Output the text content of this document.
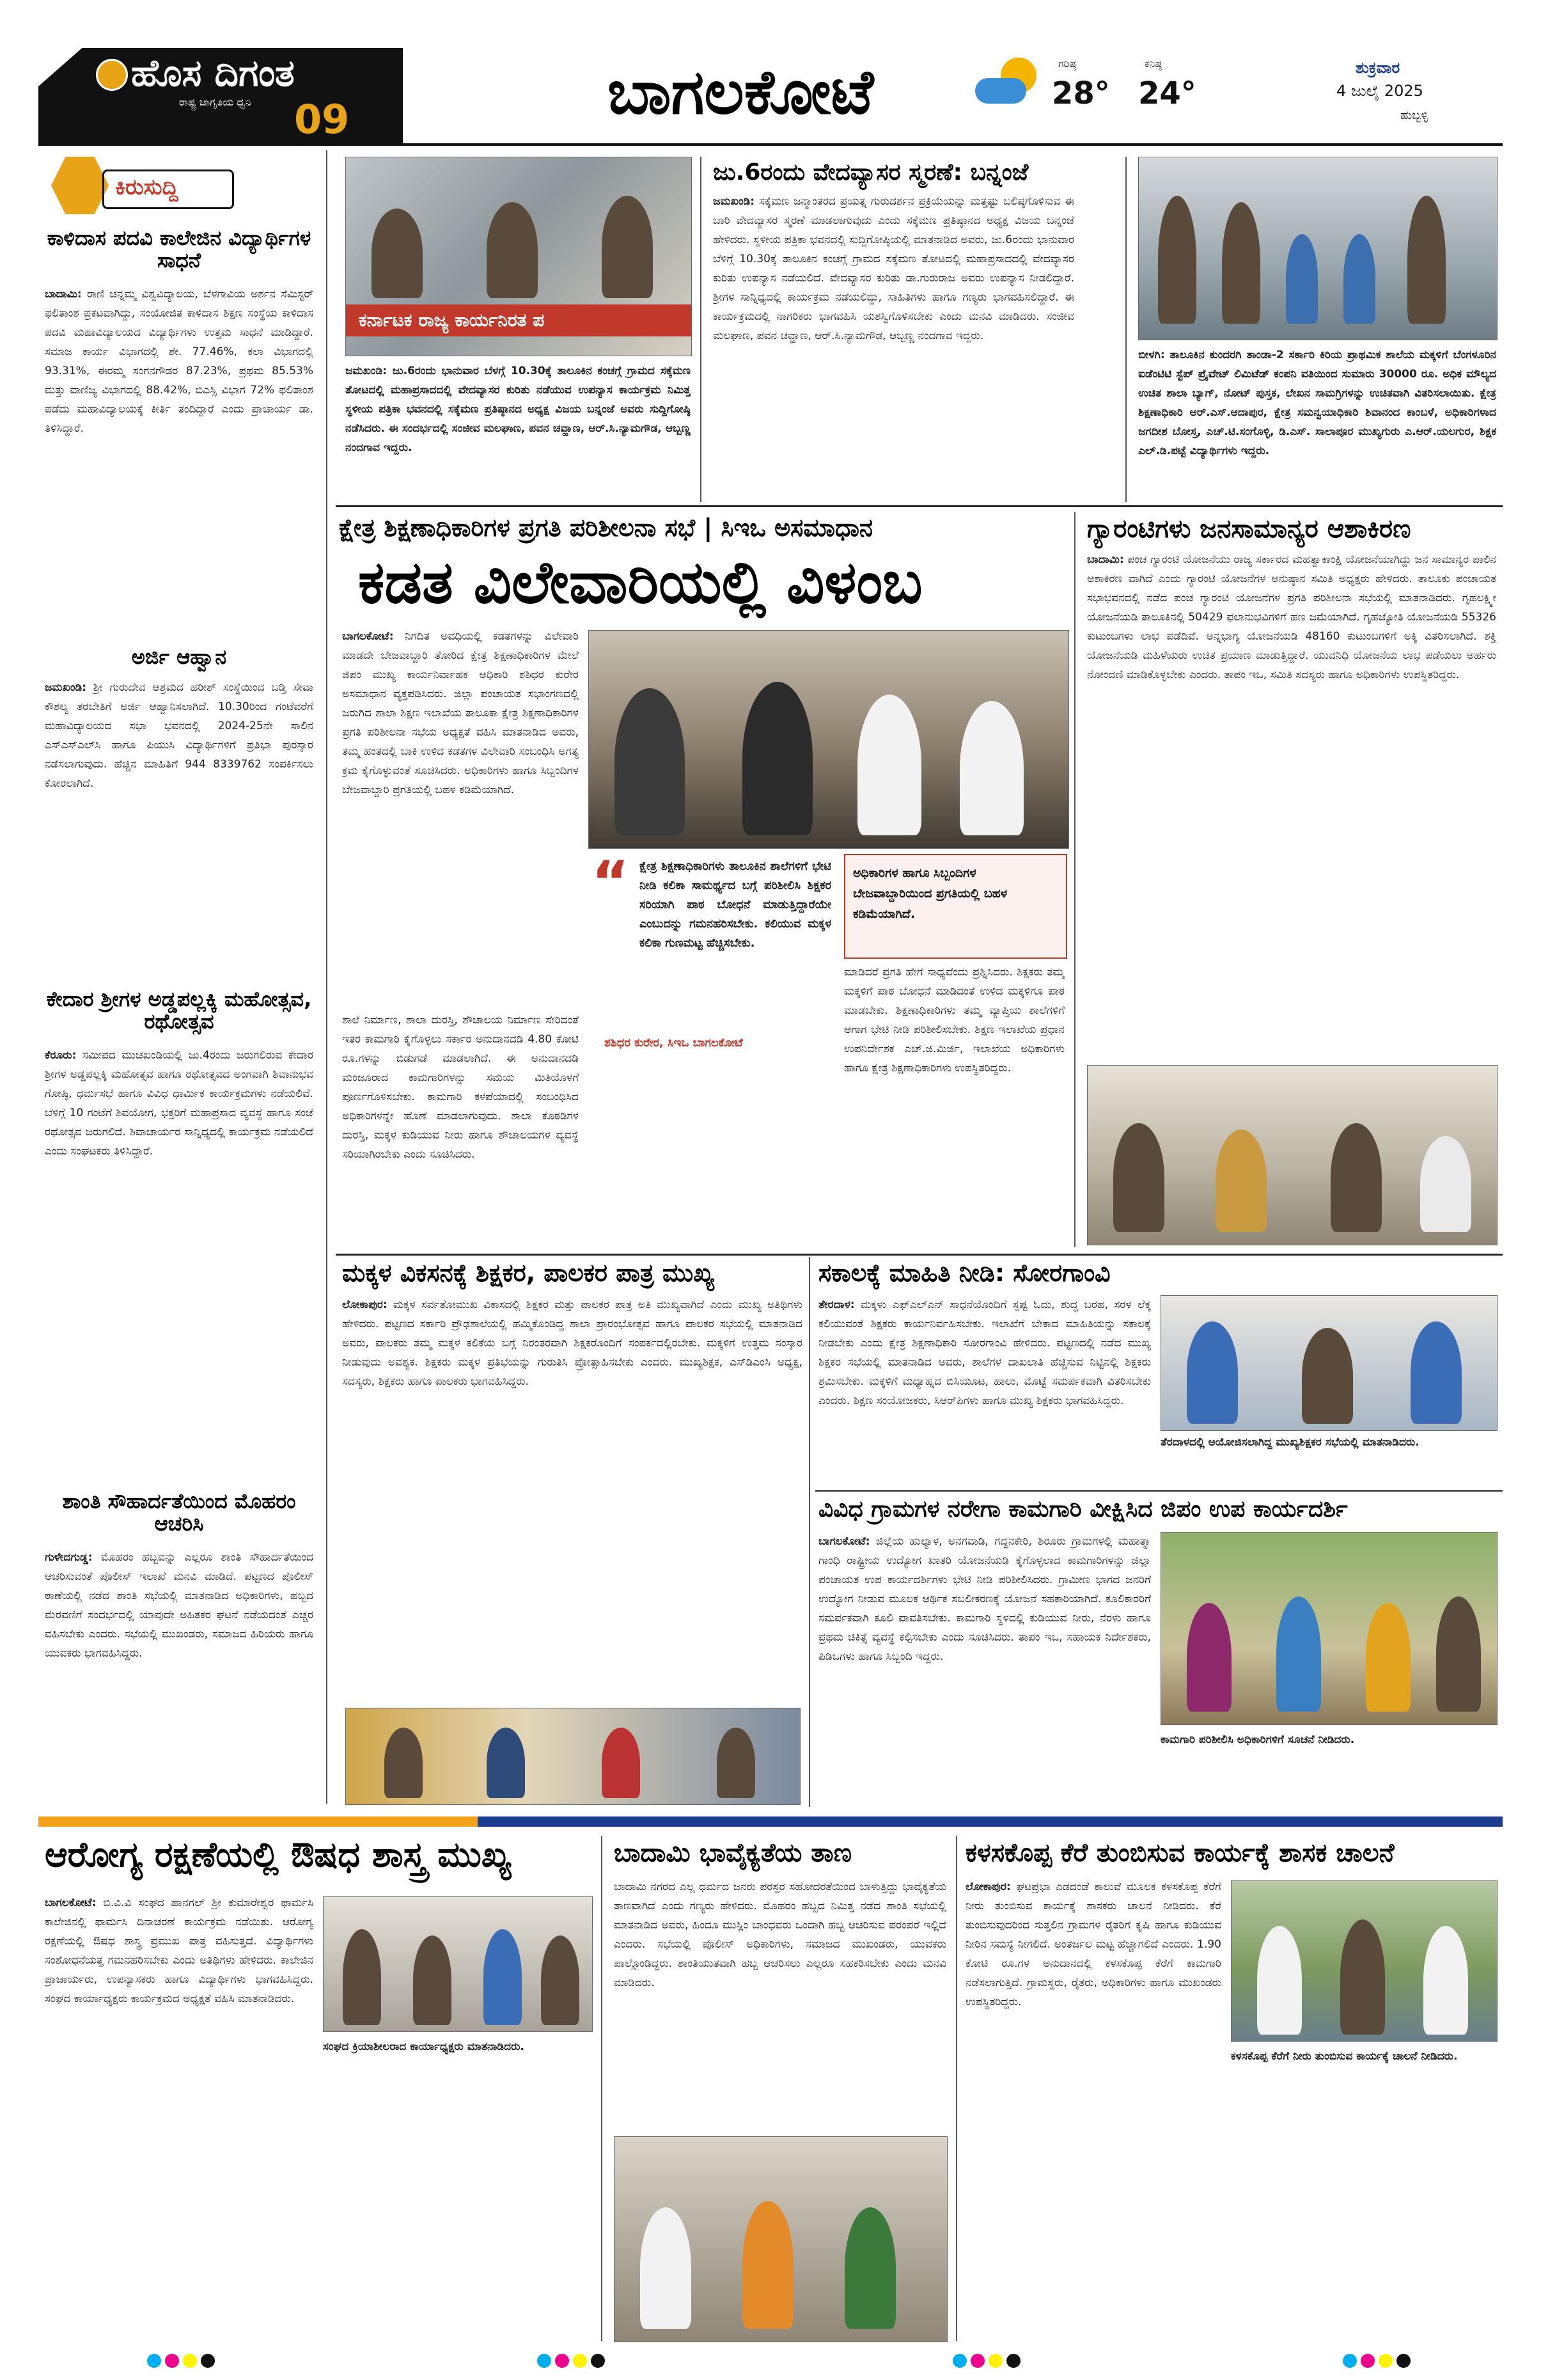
ಹೊಸ ದಿಗಂತ
ರಾಷ್ಟ್ರ ಜಾಗೃತಿಯ ಧ್ವನಿ 09	ಬಾಗಲಕೋಟೆ	ಗರಿಷ್ಠ
28°
ಕನಿಷ್ಠ
24°
ಶುಕ್ರವಾರ
4 ಜುಲೈ 2025
ಹುಬ್ಬಳ್ಳಿ
ಕಿರುಸುದ್ದಿ
ಕಾಳಿದಾಸ ಪದವಿ ಕಾಲೇಜಿನ ವಿದ್ಯಾರ್ಥಿಗಳ ಸಾಧನೆ
ಬಾದಾಮಿ: ರಾಣಿ ಚನ್ನಮ್ಮ ವಿಶ್ವವಿದ್ಯಾಲಯ, ಬೆಳಗಾವಿಯ ಅರ್ಶನ ಸೆಮಿಸ್ಟರ್ ಫಲಿತಾಂಶ ಪ್ರಕಟವಾಗಿದ್ದು, ಸಂಯೋಜಿತ ಕಾಳಿದಾಸ ಶಿಕ್ಷಣ ಸಂಸ್ಥೆಯ ಕಾಳಿದಾಸ ಪದವಿ ಮಹಾವಿದ್ಯಾಲಯದ ವಿದ್ಯಾರ್ಥಿಗಳು ಉತ್ತಮ ಸಾಧನೆ ಮಾಡಿದ್ದಾರೆ. ಸಮಾಜ ಕಾರ್ಯ ವಿಭಾಗದಲ್ಲಿ ಶೇ. 77.46%, ಕಲಾ ವಿಭಾಗದಲ್ಲಿ 93.31%, ಈರಮ್ಮ ಸಂಗನಗೌಡರ 87.23%, ಪ್ರಥಮ 85.53% ಮತ್ತು ವಾಣಿಜ್ಯ ವಿಭಾಗದಲ್ಲಿ 88.42%, ಬಿಎಸ್ಸಿ ವಿಭಾಗ 72% ಫಲಿತಾಂಶ ಪಡೆದು ಮಹಾವಿದ್ಯಾಲಯಕ್ಕೆ ಕೀರ್ತಿ ತಂದಿದ್ದಾರೆ ಎಂದು ಪ್ರಾಚಾರ್ಯ ಡಾ. ತಿಳಿಸಿದ್ದಾರೆ.
ಅರ್ಜಿ ಆಹ್ವಾನ
ಜಮಖಂಡಿ: ಶ್ರೀ ಗುರುದೇವ ಆಶ್ರಮದ ಹರೀಶ್ ಸಂಸ್ಥೆಯಿಂದ ಬಡ್ತಿ ಸೇವಾ ಕೌಶಲ್ಯ ತರಬೇತಿಗೆ ಅರ್ಜಿ ಆಹ್ವಾನಿಸಲಾಗಿದೆ. 10.30ರಿಂದ ಗಂಟೆವರೆಗೆ ಮಹಾವಿದ್ಯಾಲಯದ ಸಭಾ ಭವನದಲ್ಲಿ 2024-25ನೇ ಸಾಲಿನ ಎಸ್ಎಸ್ಎಲ್‌ಸಿ ಹಾಗೂ ಪಿಯುಸಿ ವಿದ್ಯಾರ್ಥಿಗಳಿಗೆ ಪ್ರತಿಭಾ ಪುರಸ್ಕಾರ ನಡೆಸಲಾಗುವುದು. ಹೆಚ್ಚಿನ ಮಾಹಿತಿಗೆ 944 8339762 ಸಂಪರ್ಕಿಸಲು ಕೋರಲಾಗಿದೆ.
ಕೇದಾರ ಶ್ರೀಗಳ ಅಡ್ಡಪಲ್ಲಕ್ಕಿ ಮಹೋತ್ಸವ, ರಥೋತ್ಸವ
ಕೆರೂರು: ಸಮೀಪದ ಮುಚಖಂಡಿಯಲ್ಲಿ ಜು.4ರಂದು ಜರುಗಲಿರುವ ಕೇದಾರ ಶ್ರೀಗಳ ಅಡ್ಡಪಲ್ಲಕ್ಕಿ ಮಹೋತ್ಸವ ಹಾಗೂ ರಥೋತ್ಸವದ ಅಂಗವಾಗಿ ಶಿವಾನುಭವ ಗೋಷ್ಠಿ, ಧರ್ಮಸಭೆ ಹಾಗೂ ವಿವಿಧ ಧಾರ್ಮಿಕ ಕಾರ್ಯಕ್ರಮಗಳು ನಡೆಯಲಿವೆ. ಬೆಳಿಗ್ಗೆ 10 ಗಂಟೆಗೆ ಶಿವಯೋಗ, ಭಕ್ತರಿಗೆ ಮಹಾಪ್ರಸಾದ ವ್ಯವಸ್ಥೆ ಹಾಗೂ ಸಂಜೆ ರಥೋತ್ಸವ ಜರುಗಲಿದೆ. ಶಿವಾಚಾರ್ಯರ ಸಾನ್ನಿಧ್ಯದಲ್ಲಿ ಕಾರ್ಯಕ್ರಮ ನಡೆಯಲಿದೆ ಎಂದು ಸಂಘಟಕರು ತಿಳಿಸಿದ್ದಾರೆ.
ಶಾಂತಿ ಸೌಹಾರ್ದತೆಯಿಂದ ಮೊಹರಂ ಆಚರಿಸಿ
ಗುಳೇದಗುಡ್ಡ: ಮೊಹರಂ ಹಬ್ಬವನ್ನು ಎಲ್ಲರೂ ಶಾಂತಿ ಸೌಹಾರ್ದತೆಯಿಂದ ಆಚರಿಸುವಂತೆ ಪೊಲೀಸ್ ಇಲಾಖೆ ಮನವಿ ಮಾಡಿದೆ. ಪಟ್ಟಣದ ಪೊಲೀಸ್ ಠಾಣೆಯಲ್ಲಿ ನಡೆದ ಶಾಂತಿ ಸಭೆಯಲ್ಲಿ ಮಾತನಾಡಿದ ಅಧಿಕಾರಿಗಳು, ಹಬ್ಬದ ಮೆರವಣಿಗೆ ಸಂದರ್ಭದಲ್ಲಿ ಯಾವುದೇ ಅಹಿತಕರ ಘಟನೆ ನಡೆಯದಂತೆ ಎಚ್ಚರ ವಹಿಸಬೇಕು ಎಂದರು. ಸಭೆಯಲ್ಲಿ ಮುಖಂಡರು, ಸಮಾಜದ ಹಿರಿಯರು ಹಾಗೂ ಯುವಕರು ಭಾಗವಹಿಸಿದ್ದರು.
ಕರ್ನಾಟಕ ರಾಜ್ಯ ಕಾರ್ಯನಿರತ ಪ
ಜಮಖಂಡಿ: ಜು.6ರಂದು ಭಾನುವಾರ ಬೆಳಗ್ಗೆ 10.30ಕ್ಕೆ ತಾಲೂಕಿನ ಕಂಚಗ್ಗೆ ಗ್ರಾಮದ ಸಕ್ಕೆಮಣ ತೋಟದಲ್ಲಿ ಮಹಾಪ್ರಸಾದದಲ್ಲಿ ವೇದವ್ಯಾಸರ ಕುರಿತು ನಡೆಯುವ ಉಪನ್ಯಾಸ ಕಾರ್ಯಕ್ರಮ ನಿಮಿತ್ತ ಸ್ಥಳೀಯ ಪತ್ರಿಕಾ ಭವನದಲ್ಲಿ ಸಕ್ಕೆಮಣ ಪ್ರತಿಷ್ಠಾನದ ಅಧ್ಯಕ್ಷ ವಿಜಯ ಬನ್ನಂಜೆ ಅವರು ಸುದ್ದಿಗೋಷ್ಠಿ ನಡೆಸಿದರು. ಈ ಸಂದರ್ಭದಲ್ಲಿ ಸಂಜೀವ ಮಲಘಾಣ, ಪವನ ಚವ್ಹಾಣ, ಆರ್.ಸಿ.ನ್ಯಾಮಗೌಡ, ಆಬ್ಬಣ್ಣ ನಂದಗಾವ ಇದ್ದರು.
ಜು.6ರಂದು ವೇದವ್ಯಾಸರ ಸ್ಮರಣೆ: ಬನ್ನಂಜೆ
ಜಮಖಂಡಿ: ಸಕ್ಕೆಮಣ ಜನ್ಮಾಂತರದ ಪ್ರಯತ್ನ ಗುರುದರ್ಶನ ಪ್ರಕ್ರಿಯೆಯನ್ನು ಮತ್ತಷ್ಟು ಬಲಿಷ್ಠಗೊಳಿಸುವ ಈ ಬಾರಿ ವೇದವ್ಯಾಸರ ಸ್ಮರಣೆ ಮಾಡಲಾಗುವುದು ಎಂದು ಸಕ್ಕೆಮಣ ಪ್ರತಿಷ್ಠಾನದ ಅಧ್ಯಕ್ಷ ವಿಜಯ ಬನ್ನಂಜೆ ಹೇಳಿದರು. ಸ್ಥಳೀಯ ಪತ್ರಿಕಾ ಭವನದಲ್ಲಿ ಸುದ್ದಿಗೋಷ್ಠಿಯಲ್ಲಿ ಮಾತನಾಡಿದ ಅವರು, ಜು.6ರಂದು ಭಾನುವಾರ ಬೆಳಿಗ್ಗೆ 10.30ಕ್ಕೆ ತಾಲೂಕಿನ ಕಂಚಗ್ಗೆ ಗ್ರಾಮದ ಸಕ್ಕೆಮಣ ತೋಟದಲ್ಲಿ ಮಹಾಪ್ರಸಾದದಲ್ಲಿ ವೇದವ್ಯಾಸರ ಕುರಿತು ಉಪನ್ಯಾಸ ನಡೆಯಲಿದೆ. ವೇದವ್ಯಾಸರ ಕುರಿತು ಡಾ.ಗುರುರಾಜ ಅವರು ಉಪನ್ಯಾಸ ನೀಡಲಿದ್ದಾರೆ. ಶ್ರೀಗಳ ಸಾನ್ನಿಧ್ಯದಲ್ಲಿ ಕಾರ್ಯಕ್ರಮ ನಡೆಯಲಿದ್ದು, ಸಾಹಿತಿಗಳು ಹಾಗೂ ಗಣ್ಯರು ಭಾಗವಹಿಸಲಿದ್ದಾರೆ. ಈ ಕಾರ್ಯಕ್ರಮದಲ್ಲಿ ನಾಗರಿಕರು ಭಾಗವಹಿಸಿ ಯಶಸ್ವಿಗೊಳಿಸಬೇಕು ಎಂದು ಮನವಿ ಮಾಡಿದರು. ಸಂಜೀವ ಮಲಘಾಣ, ಪವನ ಚವ್ಹಾಣ, ಆರ್.ಸಿ.ನ್ಯಾಮಗೌಡ, ಆಬ್ಬಣ್ಣ ನಂದಗಾವ ಇದ್ದರು.
ಬೀಳಗಿ: ತಾಲೂಕಿನ ಕುಂದರಗಿ ತಾಂಡಾ-2 ಸರ್ಕಾರಿ ಕಿರಿಯ ಪ್ರಾಥಮಿಕ ಶಾಲೆಯ ಮಕ್ಕಳಿಗೆ ಬೆಂಗಳೂರಿನ ಐಡೆಂಟಿಟಿ ಸ್ಟೆಪ್ ಪ್ರೈವೇಟ್ ಲಿಮಿಟೆಡ್ ಕಂಪನಿ ವತಿಯಿಂದ ಸುಮಾರು 30000 ರೂ. ಅಧಿಕ ಮೌಲ್ಯದ ಉಚಿತ ಶಾಲಾ ಬ್ಯಾಗ್, ನೋಟ್ ಪುಸ್ತಕ, ಲೇಖನ ಸಾಮಗ್ರಿಗಳನ್ನು ಉಚಿತವಾಗಿ ವಿತರಿಸಲಾಯಿತು. ಕ್ಷೇತ್ರ ಶಿಕ್ಷಣಾಧಿಕಾರಿ ಆರ್.ಎಸ್.ಆದಾಪುರ, ಕ್ಷೇತ್ರ ಸಮನ್ವಯಾಧಿಕಾರಿ ಶಿವಾನಂದ ಕಾಂಬಳೆ, ಅಧಿಕಾರಿಗಳಾದ ಜಗದೀಶ ಬೋಸ್ತ, ಎಚ್.ಟಿ.ಸಂಗೊಳ್ಳಿ, ಡಿ.ಎಸ್. ಸಾಲಾಪೂರ ಮುಖ್ಯಗುರು ಎ.ಆರ್.ಯಲಗುರ, ಶಿಕ್ಷಕ ಎಲ್.ಡಿ.ಪಟ್ಟೆ ವಿದ್ಯಾರ್ಥಿಗಳು ಇದ್ದರು.
ಕ್ಷೇತ್ರ ಶಿಕ್ಷಣಾಧಿಕಾರಿಗಳ ಪ್ರಗತಿ ಪರಿಶೀಲನಾ ಸಭೆ | ಸಿಇಒ ಅಸಮಾಧಾನ
ಕಡತ ವಿಲೇವಾರಿಯಲ್ಲಿ ವಿಳಂಬ
ಬಾಗಲಕೋಟೆ: ನಿಗದಿತ ಅವಧಿಯಲ್ಲಿ ಕಡತಗಳನ್ನು ವಿಲೇವಾರಿ ಮಾಡದೇ ಬೇಜವಾಬ್ದಾರಿ ತೋರಿದ ಕ್ಷೇತ್ರ ಶಿಕ್ಷಣಾಧಿಕಾರಿಗಳ ಮೇಲೆ ಜಿಪಂ ಮುಖ್ಯ ಕಾರ್ಯನಿರ್ವಾಹಕ ಅಧಿಕಾರಿ ಶಶಿಧರ ಕುರೇರ ಅಸಮಾಧಾನ ವ್ಯಕ್ತಪಡಿಸಿದರು. ಜಿಲ್ಲಾ ಪಂಚಾಯತ ಸಭಾಂಗಣದಲ್ಲಿ ಜರುಗಿದ ಶಾಲಾ ಶಿಕ್ಷಣ ಇಲಾಖೆಯ ತಾಲೂಕಾ ಕ್ಷೇತ್ರ ಶಿಕ್ಷಣಾಧಿಕಾರಿಗಳ ಪ್ರಗತಿ ಪರಿಶೀಲನಾ ಸಭೆಯ ಅಧ್ಯಕ್ಷತೆ ವಹಿಸಿ ಮಾತನಾಡಿದ ಅವರು, ತಮ್ಮ ಹಂತದಲ್ಲಿ ಬಾಕಿ ಉಳಿದ ಕಡತಗಳ ವಿಲೇವಾರಿ ಸಂಬಂಧಿಸಿ ಅಗತ್ಯ ಕ್ರಮ ಕೈಗೊಳ್ಳುವಂತೆ ಸೂಚಿಸಿದರು. ಅಧಿಕಾರಿಗಳು ಹಾಗೂ ಸಿಬ್ಬಂದಿಗಳ ಬೇಜವಾಬ್ದಾರಿ ಪ್ರಗತಿಯಲ್ಲಿ ಬಹಳ ಕಡಿಮೆಯಾಗಿದೆ.
ಶಾಲೆ ನಿರ್ಮಾಣ, ಶಾಲಾ ದುರಸ್ತಿ, ಶೌಚಾಲಯ ನಿರ್ಮಾಣ ಸೇರಿದಂತೆ ಇತರ ಕಾಮಗಾರಿ ಕೈಗೊಳ್ಳಲು ಸರ್ಕಾರ ಅನುದಾನದಡಿ 4.80 ಕೋಟಿ ರೂ.ಗಳನ್ನು ಬಿಡುಗಡೆ ಮಾಡಲಾಗಿದೆ. ಈ ಅನುದಾನದಡಿ ಮಂಜೂರಾದ ಕಾಮಗಾರಿಗಳನ್ನು ಸಮಯ ಮಿತಿಯೊಳಗೆ ಪೂರ್ಣಗೊಳಿಸಬೇಕು. ಕಾಮಗಾರಿ ಕಳಪೆಯಾದಲ್ಲಿ ಸಂಬಂಧಿಸಿದ ಅಧಿಕಾರಿಗಳನ್ನೇ ಹೊಣೆ ಮಾಡಲಾಗುವುದು. ಶಾಲಾ ಕೊಠಡಿಗಳ ದುರಸ್ತಿ, ಮಕ್ಕಳ ಕುಡಿಯುವ ನೀರು ಹಾಗೂ ಶೌಚಾಲಯಗಳ ವ್ಯವಸ್ಥೆ ಸರಿಯಾಗಿರಬೇಕು ಎಂದು ಸೂಚಿಸಿದರು.
“ ಕ್ಷೇತ್ರ ಶಿಕ್ಷಣಾಧಿಕಾರಿಗಳು ತಾಲೂಕಿನ ಶಾಲೆಗಳಿಗೆ ಭೇಟಿ ನೀಡಿ ಕಲಿಕಾ ಸಾಮರ್ಥ್ಯದ ಬಗ್ಗೆ ಪರಿಶೀಲಿಸಿ ಶಿಕ್ಷಕರ ಸರಿಯಾಗಿ ಪಾಠ ಬೋಧನೆ ಮಾಡುತ್ತಿದ್ದಾರೆಯೇ ಎಂಬುದನ್ನು ಗಮನಹರಿಸಬೇಕು. ಕಲಿಯುವ ಮಕ್ಕಳ ಕಲಿಕಾ ಗುಣಮಟ್ಟ ಹೆಚ್ಚಿಸಬೇಕು.
ಶಶಿಧರ ಕುರೇರ, ಸಿಇಒ ಬಾಗಲಕೋಟೆ
ಅಧಿಕಾರಿಗಳ ಹಾಗೂ ಸಿಬ್ಬಂದಿಗಳ ಬೇಜವಾಬ್ದಾರಿಯಿಂದ ಪ್ರಗತಿಯಲ್ಲಿ ಬಹಳ ಕಡಿಮೆಯಾಗಿದೆ.
ಮಾಡಿದರೆ ಪ್ರಗತಿ ಹೇಗೆ ಸಾಧ್ಯವೆಂದು ಪ್ರಶ್ನಿಸಿದರು. ಶಿಕ್ಷಕರು ತಮ್ಮ ಮಕ್ಕಳಿಗೆ ಪಾಠ ಬೋಧನೆ ಮಾಡಿದಂತೆ ಉಳಿದ ಮಕ್ಕಳಿಗೂ ಪಾಠ ಮಾಡಬೇಕು. ಶಿಕ್ಷಣಾಧಿಕಾರಿಗಳು ತಮ್ಮ ವ್ಯಾಪ್ತಿಯ ಶಾಲೆಗಳಿಗೆ ಆಗಾಗ ಭೇಟಿ ನೀಡಿ ಪರಿಶೀಲಿಸಬೇಕು. ಶಿಕ್ಷಣ ಇಲಾಖೆಯ ಪ್ರಧಾನ ಉಪನಿರ್ದೇಶಕ ಎಚ್.ಜಿ.ಮಿರ್ಜಿ, ಇಲಾಖೆಯ ಅಧಿಕಾರಿಗಳು ಹಾಗೂ ಕ್ಷೇತ್ರ ಶಿಕ್ಷಣಾಧಿಕಾರಿಗಳು ಉಪಸ್ಥಿತರಿದ್ದರು.
ಗ್ಯಾರಂಟಿಗಳು ಜನಸಾಮಾನ್ಯರ ಆಶಾಕಿರಣ
ಬಾದಾಮಿ: ಪಂಚ ಗ್ಯಾರಂಟಿ ಯೋಜನೆಯು ರಾಜ್ಯ ಸರ್ಕಾರದ ಮಹತ್ವಾಕಾಂಕ್ಷಿ ಯೋಜನೆಯಾಗಿದ್ದು ಜನ ಸಾಮಾನ್ಯರ ಪಾಲಿನ ಆಶಾಕಿರಣ ವಾಗಿದೆ ಎಂದು ಗ್ಯಾರಂಟಿ ಯೋಜನೆಗಳ ಅನುಷ್ಠಾನ ಸಮಿತಿ ಅಧ್ಯಕ್ಷರು ಹೇಳಿದರು. ತಾಲೂಕು ಪಂಚಾಯತ ಸಭಾಭವನದಲ್ಲಿ ನಡೆದ ಪಂಚ ಗ್ಯಾರಂಟಿ ಯೋಜನೆಗಳ ಪ್ರಗತಿ ಪರಿಶೀಲನಾ ಸಭೆಯಲ್ಲಿ ಮಾತನಾಡಿದರು. ಗೃಹಲಕ್ಷ್ಮೀ ಯೋಜನೆಯಡಿ ತಾಲೂಕಿನಲ್ಲಿ 50429 ಫಲಾನುಭವಿಗಳಿಗೆ ಹಣ ಜಮೆಯಾಗಿದೆ. ಗೃಹಜ್ಯೋತಿ ಯೋಜನೆಯಡಿ 55326 ಕುಟುಂಬಗಳು ಲಾಭ ಪಡೆದಿವೆ. ಅನ್ನಭಾಗ್ಯ ಯೋಜನೆಯಡಿ 48160 ಕುಟುಂಬಗಳಿಗೆ ಅಕ್ಕಿ ವಿತರಿಸಲಾಗಿದೆ. ಶಕ್ತಿ ಯೋಜನೆಯಡಿ ಮಹಿಳೆಯರು ಉಚಿತ ಪ್ರಯಾಣ ಮಾಡುತ್ತಿದ್ದಾರೆ. ಯುವನಿಧಿ ಯೋಜನೆಯ ಲಾಭ ಪಡೆಯಲು ಅರ್ಹರು ನೋಂದಣಿ ಮಾಡಿಕೊಳ್ಳಬೇಕು ಎಂದರು. ತಾಪಂ ಇಒ, ಸಮಿತಿ ಸದಸ್ಯರು ಹಾಗೂ ಅಧಿಕಾರಿಗಳು ಉಪಸ್ಥಿತರಿದ್ದರು.
ಮಕ್ಕಳ ವಿಕಸನಕ್ಕೆ ಶಿಕ್ಷಕರ, ಪಾಲಕರ ಪಾತ್ರ ಮುಖ್ಯ
ಲೋಕಾಪುರ: ಮಕ್ಕಳ ಸರ್ವತೋಮುಖ ವಿಕಾಸದಲ್ಲಿ ಶಿಕ್ಷಕರ ಮತ್ತು ಪಾಲಕರ ಪಾತ್ರ ಅತಿ ಮುಖ್ಯವಾಗಿದೆ ಎಂದು ಮುಖ್ಯ ಅತಿಥಿಗಳು ಹೇಳಿದರು. ಪಟ್ಟಣದ ಸರ್ಕಾರಿ ಪ್ರೌಢಶಾಲೆಯಲ್ಲಿ ಹಮ್ಮಿಕೊಂಡಿದ್ದ ಶಾಲಾ ಪ್ರಾರಂಭೋತ್ಸವ ಹಾಗೂ ಪಾಲಕರ ಸಭೆಯಲ್ಲಿ ಮಾತನಾಡಿದ ಅವರು, ಪಾಲಕರು ತಮ್ಮ ಮಕ್ಕಳ ಕಲಿಕೆಯ ಬಗ್ಗೆ ನಿರಂತರವಾಗಿ ಶಿಕ್ಷಕರೊಂದಿಗೆ ಸಂಪರ್ಕದಲ್ಲಿರಬೇಕು. ಮಕ್ಕಳಿಗೆ ಉತ್ತಮ ಸಂಸ್ಕಾರ ನೀಡುವುದು ಅವಶ್ಯಕ. ಶಿಕ್ಷಕರು ಮಕ್ಕಳ ಪ್ರತಿಭೆಯನ್ನು ಗುರುತಿಸಿ ಪ್ರೋತ್ಸಾಹಿಸಬೇಕು ಎಂದರು. ಮುಖ್ಯಶಿಕ್ಷಕ, ಎಸ್‌ಡಿಎಂಸಿ ಅಧ್ಯಕ್ಷ, ಸದಸ್ಯರು, ಶಿಕ್ಷಕರು ಹಾಗೂ ಪಾಲಕರು ಭಾಗವಹಿಸಿದ್ದರು.
ಸಕಾಲಕ್ಕೆ ಮಾಹಿತಿ ನೀಡಿ: ಸೋರಗಾಂವಿ
ತೇರದಾಳ: ಮಕ್ಕಳು ಎಫ್ಎಲ್ಎನ್ ಸಾಧನೆಯೊಂದಿಗೆ ಸ್ಪಷ್ಟ ಓದು, ಶುದ್ಧ ಬರಹ, ಸರಳ ಲೆಕ್ಕ ಕಲಿಯುವಂತೆ ಶಿಕ್ಷಕರು ಕಾರ್ಯನಿರ್ವಹಿಸಬೇಕು. ಇಲಾಖೆಗೆ ಬೇಕಾದ ಮಾಹಿತಿಯನ್ನು ಸಕಾಲಕ್ಕೆ ನೀಡಬೇಕು ಎಂದು ಕ್ಷೇತ್ರ ಶಿಕ್ಷಣಾಧಿಕಾರಿ ಸೋರಗಾಂವಿ ಹೇಳಿದರು. ಪಟ್ಟಣದಲ್ಲಿ ನಡೆದ ಮುಖ್ಯ ಶಿಕ್ಷಕರ ಸಭೆಯಲ್ಲಿ ಮಾತನಾಡಿದ ಅವರು, ಶಾಲೆಗಳ ದಾಖಲಾತಿ ಹೆಚ್ಚಿಸುವ ನಿಟ್ಟಿನಲ್ಲಿ ಶಿಕ್ಷಕರು ಶ್ರಮಿಸಬೇಕು. ಮಕ್ಕಳಿಗೆ ಮಧ್ಯಾಹ್ನದ ಬಿಸಿಯೂಟ, ಹಾಲು, ಮೊಟ್ಟೆ ಸಮರ್ಪಕವಾಗಿ ವಿತರಿಸಬೇಕು ಎಂದರು. ಶಿಕ್ಷಣ ಸಂಯೋಜಕರು, ಸಿಆರ್‌ಪಿಗಳು ಹಾಗೂ ಮುಖ್ಯ ಶಿಕ್ಷಕರು ಭಾಗವಹಿಸಿದ್ದರು.
ತೆರದಾಳದಲ್ಲಿ ಅಯೋಜಿಸಲಾಗಿದ್ದ ಮುಖ್ಯಶಿಕ್ಷಕರ ಸಭೆಯಲ್ಲಿ ಮಾತನಾಡಿದರು.
ವಿವಿಧ ಗ್ರಾಮಗಳ ನರೇಗಾ ಕಾಮಗಾರಿ ವೀಕ್ಷಿಸಿದ ಜಿಪಂ ಉಪ ಕಾರ್ಯದರ್ಶಿ
ಬಾಗಲಕೋಟೆ: ಜಿಲ್ಲೆಯ ಹುಲ್ಯಾಳ, ಅನಗವಾಡಿ, ಗದ್ದನಕೇರಿ, ಶಿರೂರು ಗ್ರಾಮಗಳಲ್ಲಿ ಮಹಾತ್ಮಾ ಗಾಂಧಿ ರಾಷ್ಟ್ರೀಯ ಉದ್ಯೋಗ ಖಾತರಿ ಯೋಜನೆಯಡಿ ಕೈಗೊಳ್ಳಲಾದ ಕಾಮಗಾರಿಗಳನ್ನು ಜಿಲ್ಲಾ ಪಂಚಾಯತ ಉಪ ಕಾರ್ಯದರ್ಶಿಗಳು ಭೇಟಿ ನೀಡಿ ಪರಿಶೀಲಿಸಿದರು. ಗ್ರಾಮೀಣ ಭಾಗದ ಜನರಿಗೆ ಉದ್ಯೋಗ ನೀಡುವ ಮೂಲಕ ಆರ್ಥಿಕ ಸಬಲೀಕರಣಕ್ಕೆ ಯೋಜನೆ ಸಹಕಾರಿಯಾಗಿದೆ. ಕೂಲಿಕಾರರಿಗೆ ಸಮರ್ಪಕವಾಗಿ ಕೂಲಿ ಪಾವತಿಸಬೇಕು. ಕಾಮಗಾರಿ ಸ್ಥಳದಲ್ಲಿ ಕುಡಿಯುವ ನೀರು, ನೆರಳು ಹಾಗೂ ಪ್ರಥಮ ಚಿಕಿತ್ಸೆ ವ್ಯವಸ್ಥೆ ಕಲ್ಪಿಸಬೇಕು ಎಂದು ಸೂಚಿಸಿದರು. ತಾಪಂ ಇಒ, ಸಹಾಯಕ ನಿರ್ದೇಶಕರು, ಪಿಡಿಒಗಳು ಹಾಗೂ ಸಿಬ್ಬಂದಿ ಇದ್ದರು.
ಕಾಮಗಾರಿ ಪರಿಶೀಲಿಸಿ ಅಧಿಕಾರಿಗಳಿಗೆ ಸೂಚನೆ ನೀಡಿದರು.
ಆರೋಗ್ಯ ರಕ್ಷಣೆಯಲ್ಲಿ ಔಷಧ ಶಾಸ್ತ್ರ ಮುಖ್ಯ
ಬಾಗಲಕೋಟೆ: ಬಿ.ವಿ.ವಿ ಸಂಘದ ಹಾನಗಲ್ ಶ್ರೀ ಕುಮಾರೇಶ್ವರ ಫಾರ್ಮಸಿ ಕಾಲೇಜಿನಲ್ಲಿ ಫಾರ್ಮಸಿ ದಿನಾಚರಣೆ ಕಾರ್ಯಕ್ರಮ ನಡೆಯಿತು. ಆರೋಗ್ಯ ರಕ್ಷಣೆಯಲ್ಲಿ ಔಷಧ ಶಾಸ್ತ್ರ ಪ್ರಮುಖ ಪಾತ್ರ ವಹಿಸುತ್ತದೆ. ವಿದ್ಯಾರ್ಥಿಗಳು ಸಂಶೋಧನೆಯತ್ತ ಗಮನಹರಿಸಬೇಕು ಎಂದು ಅತಿಥಿಗಳು ಹೇಳಿದರು. ಕಾಲೇಜಿನ ಪ್ರಾಚಾರ್ಯರು, ಉಪನ್ಯಾಸಕರು ಹಾಗೂ ವಿದ್ಯಾರ್ಥಿಗಳು ಭಾಗವಹಿಸಿದ್ದರು. ಸಂಘದ ಕಾರ್ಯಾಧ್ಯಕ್ಷರು ಕಾರ್ಯಕ್ರಮದ ಅಧ್ಯಕ್ಷತೆ ವಹಿಸಿ ಮಾತನಾಡಿದರು.
ಸಂಘದ ಕ್ರಿಯಾಶೀಲರಾದ ಕಾರ್ಯಾಧ್ಯಕ್ಷರು ಮಾತನಾಡಿದರು.
ಬಾದಾಮಿ ಭಾವೈಕ್ಯತೆಯ ತಾಣ
ಬಾದಾಮಿ ನಗರದ ಎಲ್ಲ ಧರ್ಮದ ಜನರು ಪರಸ್ಪರ ಸಹೋದರತೆಯಿಂದ ಬಾಳುತ್ತಿದ್ದು ಭಾವೈಕ್ಯತೆಯ ತಾಣವಾಗಿದೆ ಎಂದು ಗಣ್ಯರು ಹೇಳಿದರು. ಮೊಹರಂ ಹಬ್ಬದ ನಿಮಿತ್ತ ನಡೆದ ಶಾಂತಿ ಸಭೆಯಲ್ಲಿ ಮಾತನಾಡಿದ ಅವರು, ಹಿಂದೂ ಮುಸ್ಲಿಂ ಬಾಂಧವರು ಒಂದಾಗಿ ಹಬ್ಬ ಆಚರಿಸುವ ಪರಂಪರೆ ಇಲ್ಲಿದೆ ಎಂದರು. ಸಭೆಯಲ್ಲಿ ಪೊಲೀಸ್ ಅಧಿಕಾರಿಗಳು, ಸಮಾಜದ ಮುಖಂಡರು, ಯುವಕರು ಪಾಲ್ಗೊಂಡಿದ್ದರು. ಶಾಂತಿಯುತವಾಗಿ ಹಬ್ಬ ಆಚರಿಸಲು ಎಲ್ಲರೂ ಸಹಕರಿಸಬೇಕು ಎಂದು ಮನವಿ ಮಾಡಿದರು.
ಕಳಸಕೊಪ್ಪ ಕೆರೆ ತುಂಬಿಸುವ ಕಾರ್ಯಕ್ಕೆ ಶಾಸಕ ಚಾಲನೆ
ಲೋಕಾಪುರ: ಘಟಪ್ರಭಾ ಎಡದಂಡೆ ಕಾಲುವೆ ಮೂಲಕ ಕಳಸಕೊಪ್ಪ ಕೆರೆಗೆ ನೀರು ತುಂಬಿಸುವ ಕಾರ್ಯಕ್ಕೆ ಶಾಸಕರು ಚಾಲನೆ ನೀಡಿದರು. ಕೆರೆ ತುಂಬಿಸುವುದರಿಂದ ಸುತ್ತಲಿನ ಗ್ರಾಮಗಳ ರೈತರಿಗೆ ಕೃಷಿ ಹಾಗೂ ಕುಡಿಯುವ ನೀರಿನ ಸಮಸ್ಯೆ ನೀಗಲಿದೆ. ಅಂತರ್ಜಲ ಮಟ್ಟ ಹೆಚ್ಚಾಗಲಿದೆ ಎಂದರು. 1.90 ಕೋಟಿ ರೂ.ಗಳ ಅನುದಾನದಲ್ಲಿ ಕಳಸಕೊಪ್ಪ ಕೆರೆಗೆ ಕಾಮಗಾರಿ ನಡೆಸಲಾಗುತ್ತಿದೆ. ಗ್ರಾಮಸ್ಥರು, ರೈತರು, ಅಧಿಕಾರಿಗಳು ಹಾಗೂ ಮುಖಂಡರು ಉಪಸ್ಥಿತರಿದ್ದರು.
ಕಳಸಕೊಪ್ಪ ಕೆರೆಗೆ ನೀರು ತುಂಬಿಸುವ ಕಾರ್ಯಕ್ಕೆ ಚಾಲನೆ ನೀಡಿದರು.
